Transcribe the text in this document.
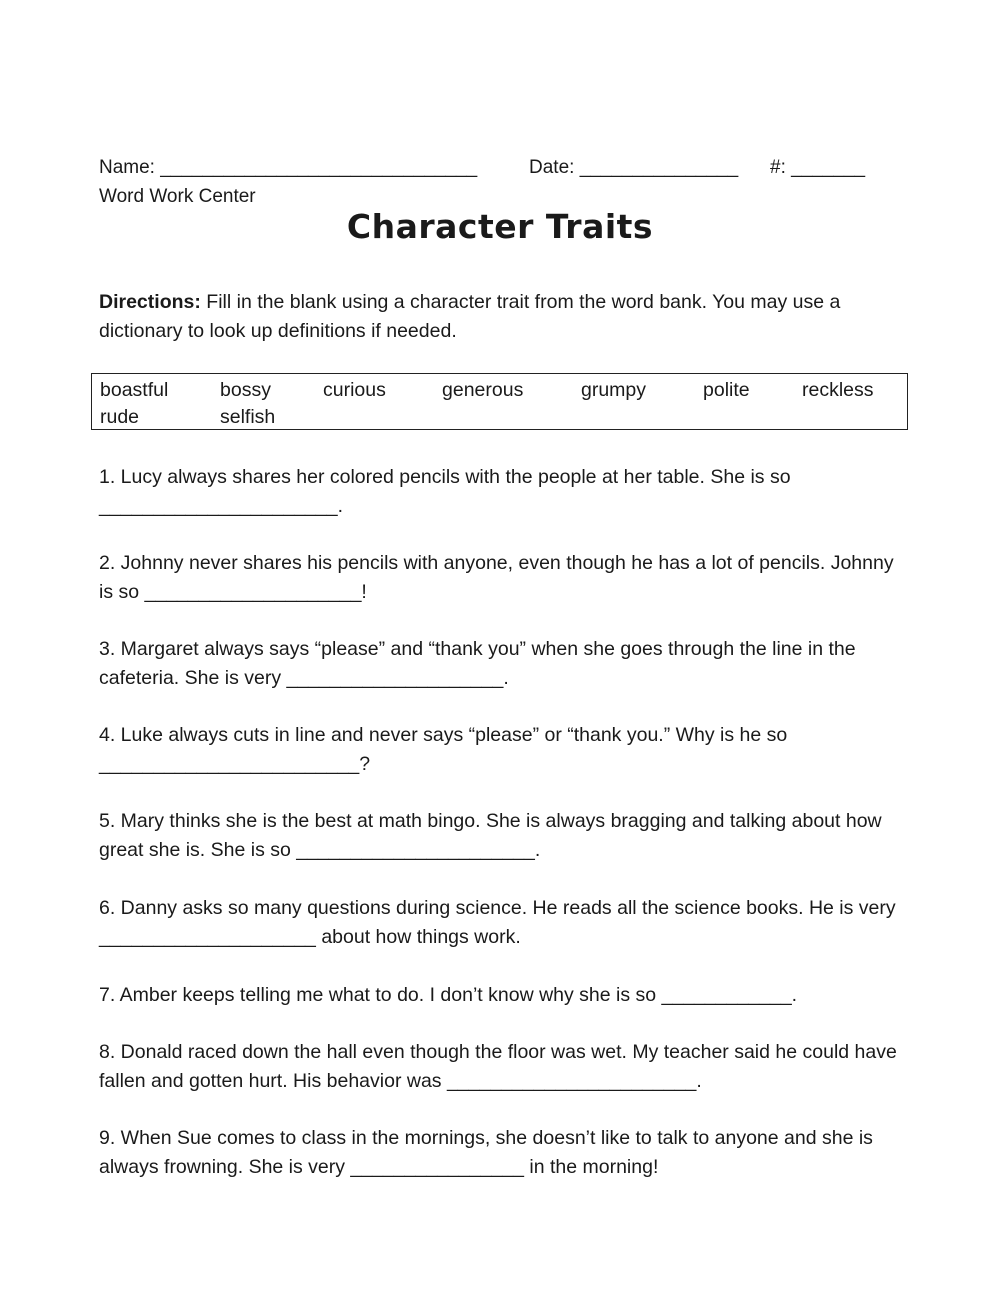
Name: ______________________________	Date: _______________ #: _______
Word Work Center
Character Traits
Directions: Fill in the blank using a character trait from the word bank. You may use a dictionary to look up definitions if needed.
boastful	bossy	curious	generous	grumpy	polite	reckless
rude	selfish
1. Lucy always shares her colored pencils with the people at her table. She is so ______________________.
2. Johnny never shares his pencils with anyone, even though he has a lot of pencils. Johnny is so ____________________!
3. Margaret always says “please” and “thank you” when she goes through the line in the cafeteria. She is very ____________________.
4. Luke always cuts in line and never says “please” or “thank you.” Why is he so ________________________?
5. Mary thinks she is the best at math bingo. She is always bragging and talking about how great she is. She is so ______________________.
6. Danny asks so many questions during science. He reads all the science books. He is very ____________________ about how things work.
7. Amber keeps telling me what to do. I don’t know why she is so ____________.
8. Donald raced down the hall even though the floor was wet. My teacher said he could have fallen and gotten hurt. His behavior was _______________________.
9. When Sue comes to class in the mornings, she doesn’t like to talk to anyone and she is always frowning. She is very ________________ in the morning!
